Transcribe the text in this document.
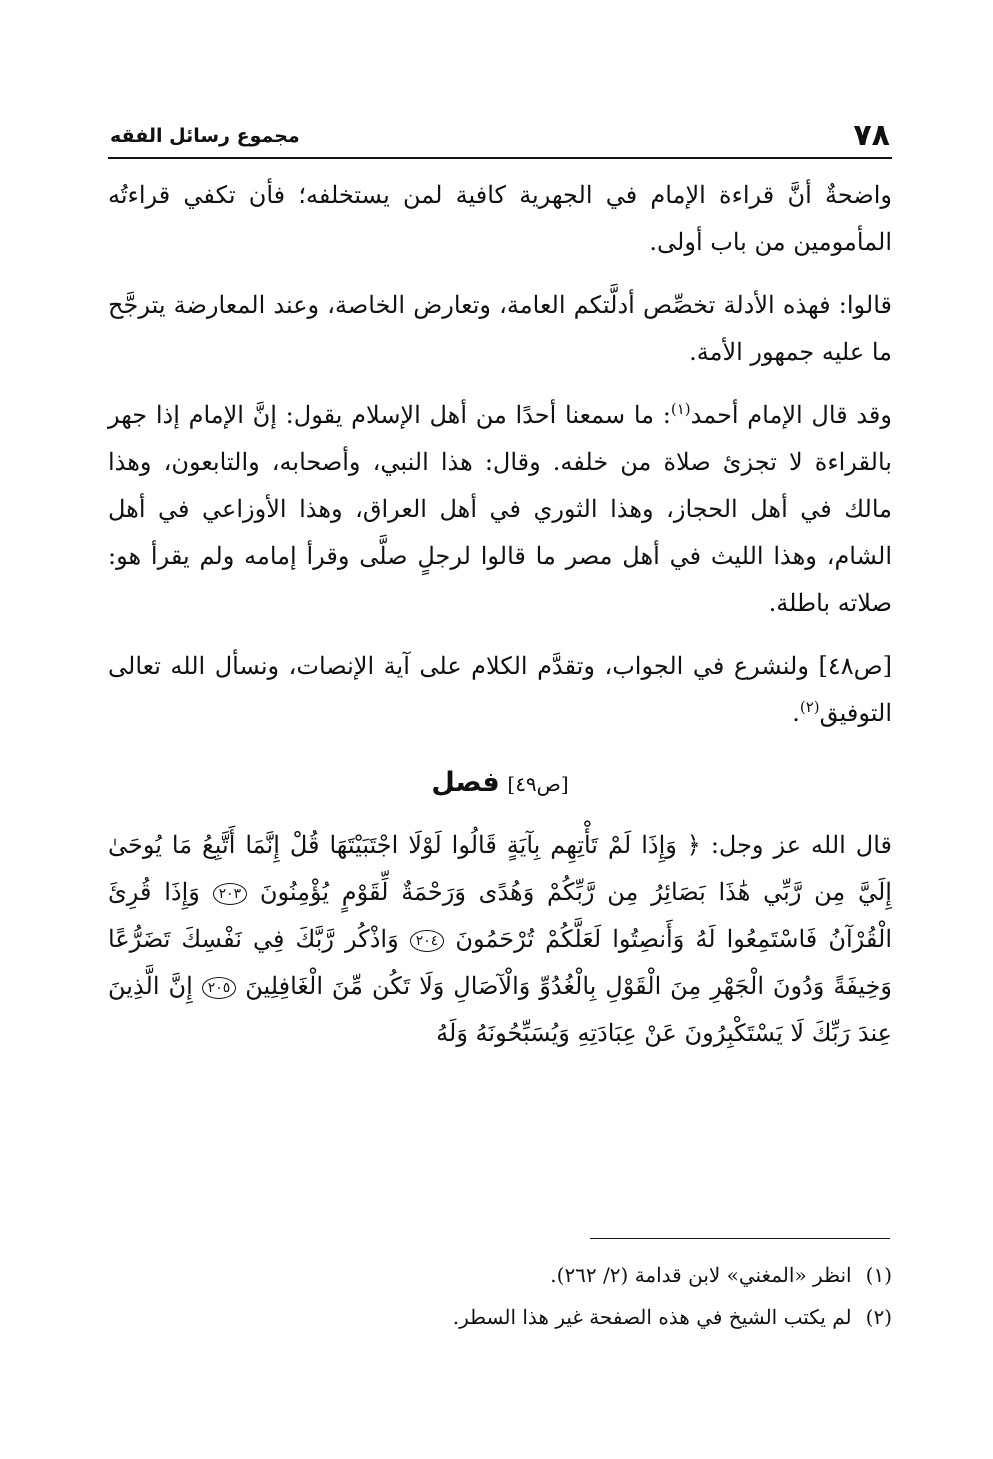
٧٨
مجموع رسائل الفقه

واضحةٌ أنَّ قراءة الإمام في الجهرية كافية لمن يستخلفه؛ فأن تكفي قراءتُه المأمومين من باب أولى.

قالوا: فهذه الأدلة تخصِّص أدلَّتكم العامة، وتعارض الخاصة، وعند المعارضة يترجَّح ما عليه جمهور الأمة.

وقد قال الإمام أحمد$^{(١)}$: ما سمعنا أحدًا من أهل الإسلام يقول: إنَّ الإمام إذا جهر بالقراءة لا تجزئ صلاة من خلفه. وقال: هذا النبي، وأصحابه، والتابعون، وهذا مالك في أهل الحجاز، وهذا الثوري في أهل العراق، وهذا الأوزاعي في أهل الشام، وهذا الليث في أهل مصر ما قالوا لرجلٍ صلَّى وقرأ إمامه ولم يقرأ هو: صلاته باطلة.

[ص٤٨] ولنشرع في الجواب، وتقدَّم الكلام على آية الإنصات، ونسأل الله تعالى التوفيق$^{(٢)}$.

[ص٤٩] فصل

قال الله عز وجل: ﴿ وَإِذَا لَمْ تَأْتِهِم بِآيَةٍ قَالُوا لَوْلَا اجْتَبَيْتَهَا قُلْ إِنَّمَا أَتَّبِعُ مَا يُوحَىٰ إِلَيَّ مِن رَّبِّي هَٰذَا بَصَائِرُ مِن رَّبِّكُمْ وَهُدًى وَرَحْمَةٌ لِّقَوْمٍ يُؤْمِنُونَ ٢٠٣ وَإِذَا قُرِئَ الْقُرْآنُ فَاسْتَمِعُوا لَهُ وَأَنصِتُوا لَعَلَّكُمْ تُرْحَمُونَ ٢٠٤ وَاذْكُر رَّبَّكَ فِي نَفْسِكَ تَضَرُّعًا وَخِيفَةً وَدُونَ الْجَهْرِ مِنَ الْقَوْلِ بِالْغُدُوِّ وَالْآصَالِ وَلَا تَكُن مِّنَ الْغَافِلِينَ ٢٠٥ إِنَّ الَّذِينَ عِندَ رَبِّكَ لَا يَسْتَكْبِرُونَ عَنْ عِبَادَتِهِ وَيُسَبِّحُونَهُ وَلَهُ

(١)انظر «المغني» لابن قدامة (٢/ ٢٦٢).

(٢)لم يكتب الشيخ في هذه الصفحة غير هذا السطر.
